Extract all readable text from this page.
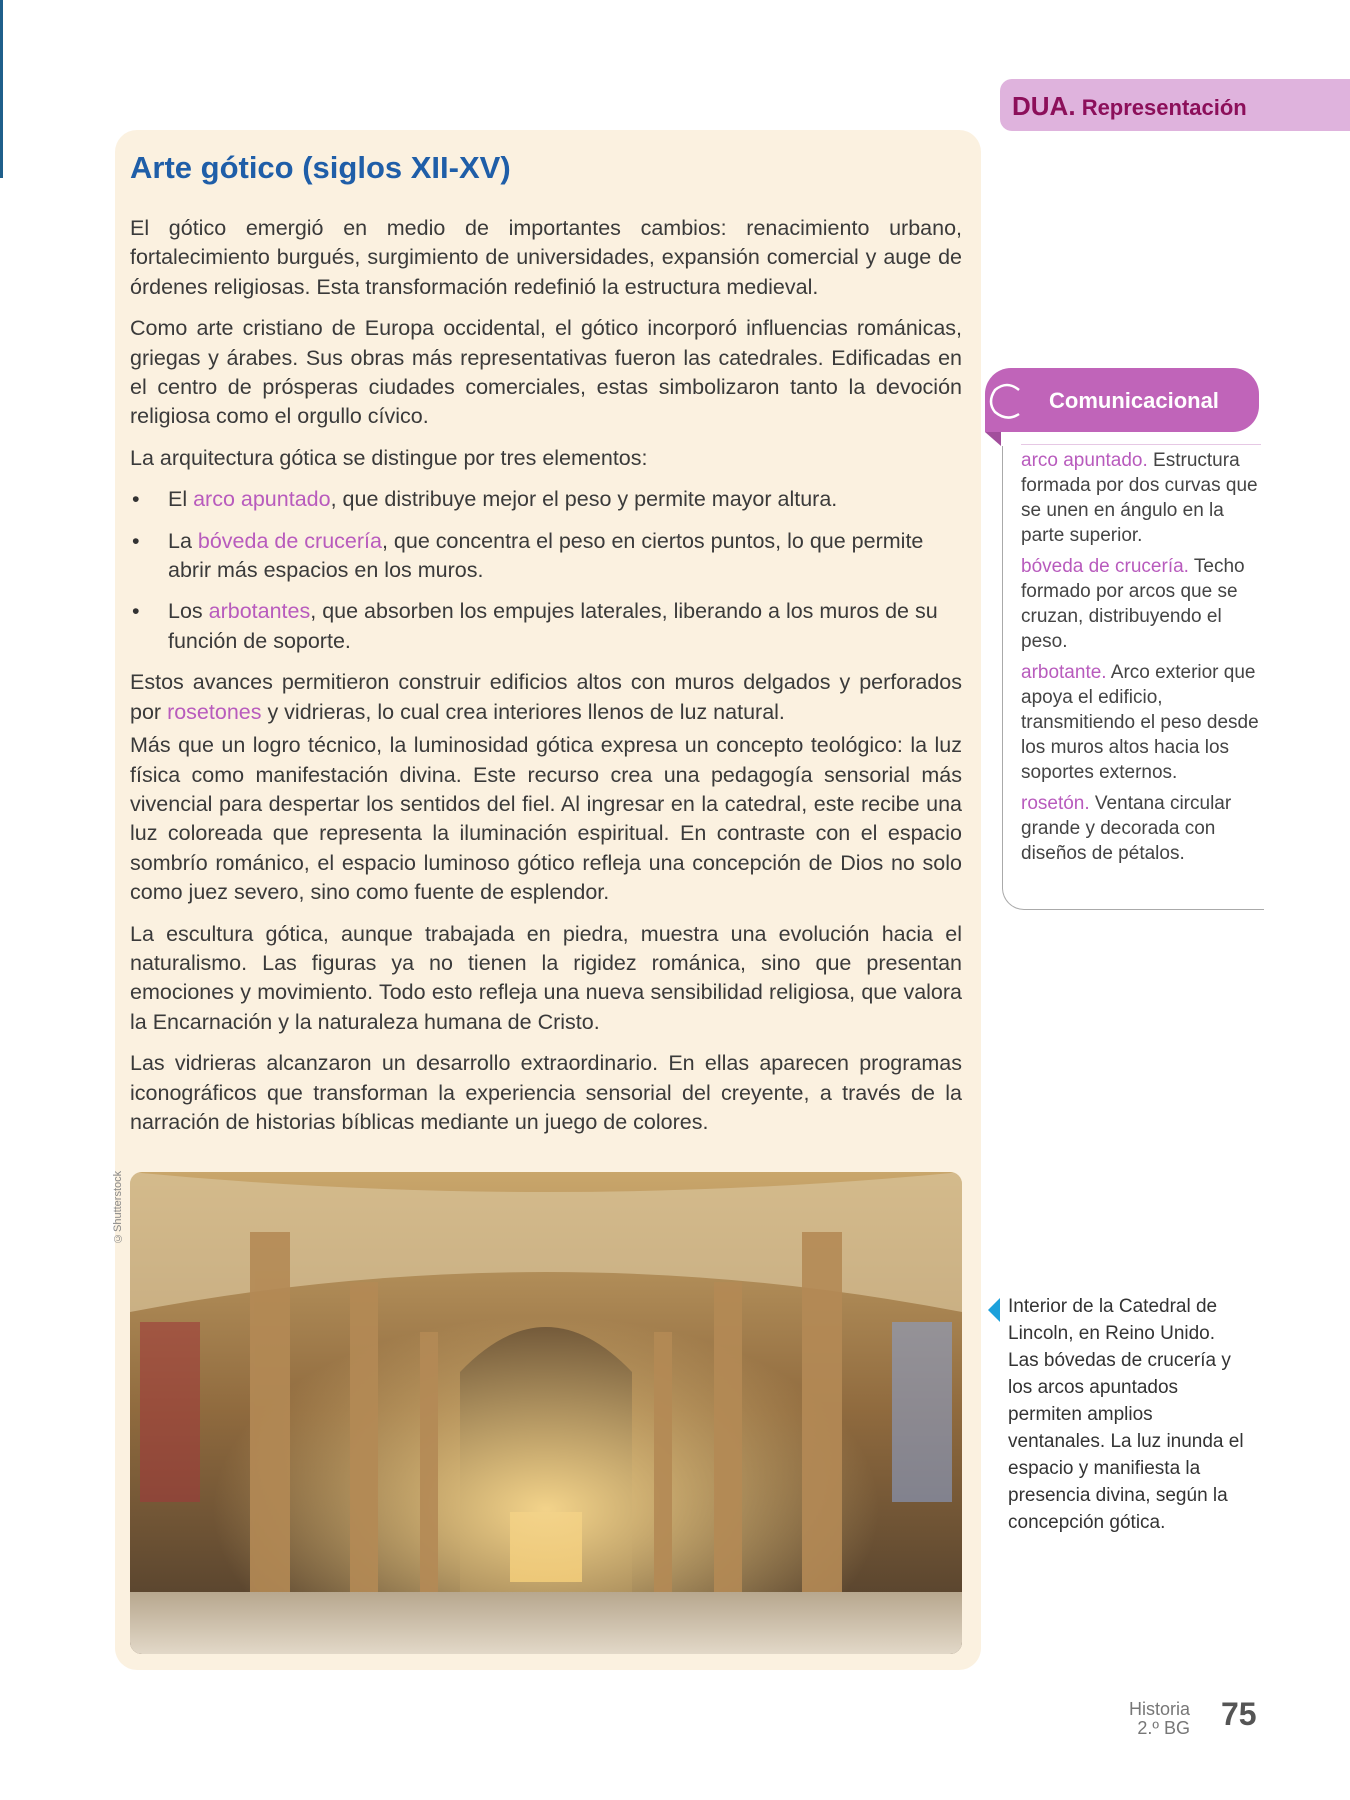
DUA. Representación
Arte gótico (siglos XII-XV)

El gótico emergió en medio de importantes cambios: renacimiento urbano, fortalecimiento burgués, surgimiento de universidades, expansión comercial y auge de órdenes religiosas. Esta transformación redefinió la estructura medieval.

Como arte cristiano de Europa occidental, el gótico incorporó influencias románicas, griegas y árabes. Sus obras más representativas fueron las catedrales. Edificadas en el centro de prósperas ciudades comerciales, estas simbolizaron tanto la devoción religiosa como el orgullo cívico.

La arquitectura gótica se distingue por tres elementos:

• El arco apuntado, que distribuye mejor el peso y permite mayor altura.
• La bóveda de crucería, que concentra el peso en ciertos puntos, lo que permite abrir más espacios en los muros.
• Los arbotantes, que absorben los empujes laterales, liberando a los muros de su función de soporte.

Estos avances permitieron construir edificios altos con muros delgados y perforados por rosetones y vidrieras, lo cual crea interiores llenos de luz natural.

Más que un logro técnico, la luminosidad gótica expresa un concepto teológico: la luz física como manifestación divina. Este recurso crea una pedagogía sensorial más vivencial para despertar los sentidos del fiel. Al ingresar en la catedral, este recibe una luz coloreada que representa la iluminación espiritual. En contraste con el espacio sombrío románico, el espacio luminoso gótico refleja una concepción de Dios no solo como juez severo, sino como fuente de esplendor.

La escultura gótica, aunque trabajada en piedra, muestra una evolución hacia el naturalismo. Las figuras ya no tienen la rigidez románica, sino que presentan emociones y movimiento. Todo esto refleja una nueva sensibilidad religiosa, que valora la Encarnación y la naturaleza humana de Cristo.

Las vidrieras alcanzaron un desarrollo extraordinario. En ellas aparecen programas iconográficos que transforman la experiencia sensorial del creyente, a través de la narración de historias bíblicas mediante un juego de colores.

©Shutterstock
Comunicacional

arco apuntado. Estructura formada por dos curvas que se unen en ángulo en la parte superior.

bóveda de crucería. Techo formado por arcos que se cruzan, distribuyendo el peso.

arbotante. Arco exterior que apoya el edificio, transmitiendo el peso desde los muros altos hacia los soportes externos.

rosetón. Ventana circular grande y decorada con diseños de pétalos.

Interior de la Catedral de Lincoln, en Reino Unido. Las bóvedas de crucería y los arcos apuntados permiten amplios ventanales. La luz inunda el espacio y manifiesta la presencia divina, según la concepción gótica.
Historia
2.º BG 75
